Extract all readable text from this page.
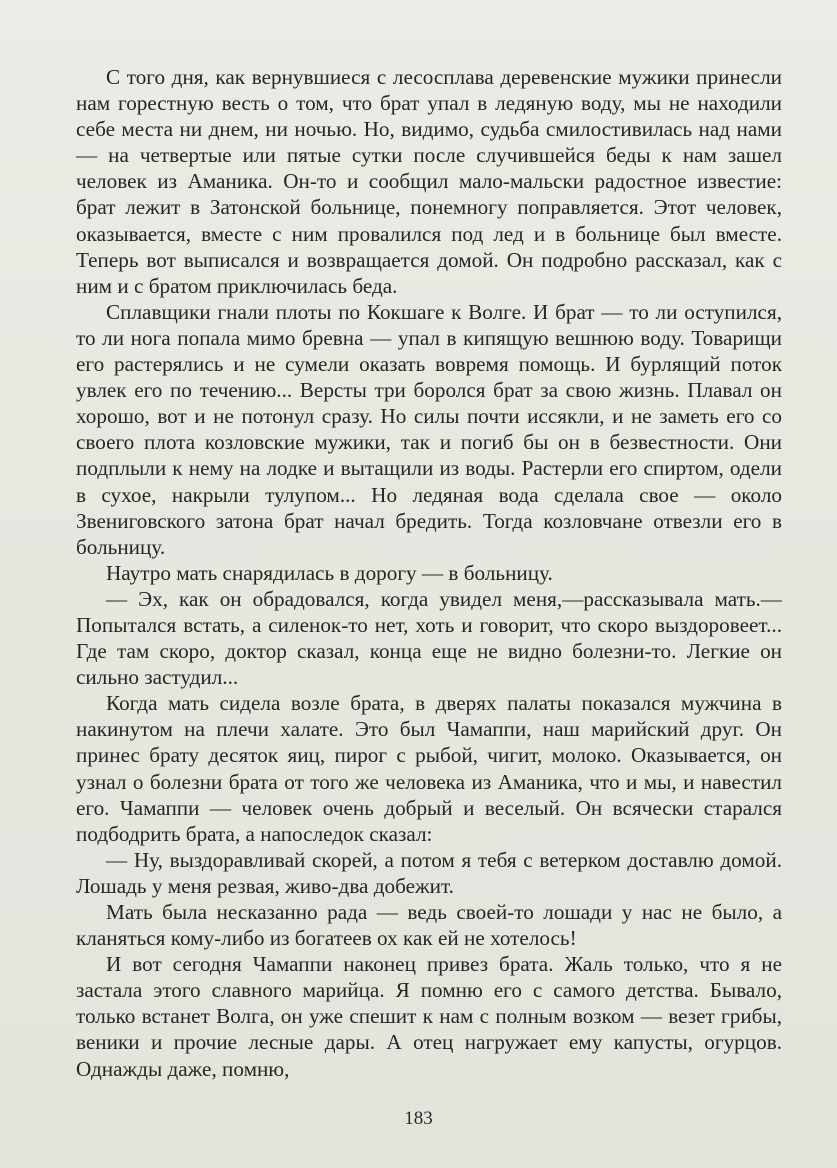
С того дня, как вернувшиеся с лесосплава деревенские мужики принесли нам горестную весть о том, что брат упал в ледяную воду, мы не находили себе места ни днем, ни ночью. Но, видимо, судьба смилостивилась над нами — на четвертые или пятые сутки после случившейся беды к нам зашел человек из Аманика. Он-то и сообщил мало-мальски радостное известие: брат лежит в Затонской больнице, понемногу поправляется. Этот человек, оказывается, вместе с ним провалился под лед и в больнице был вместе. Теперь вот выписался и возвращается домой. Он подробно рассказал, как с ним и с братом приключилась беда.

Сплавщики гнали плоты по Кокшаге к Волге. И брат — то ли оступился, то ли нога попала мимо бревна — упал в кипящую вешнюю воду. Товарищи его растерялись и не сумели оказать вовремя помощь. И бурлящий поток увлек его по течению... Версты три боролся брат за свою жизнь. Плавал он хорошо, вот и не потонул сразу. Но силы почти иссякли, и не заметь его со своего плота козловские мужики, так и погиб бы он в безвестности. Они подплыли к нему на лодке и вытащили из воды. Растерли его спиртом, одели в сухое, накрыли тулупом... Но ледяная вода сделала свое — около Звениговского затона брат начал бредить. Тогда козловчане отвезли его в больницу.

Наутро мать снарядилась в дорогу — в больницу.

— Эх, как он обрадовался, когда увидел меня,—рассказывала мать.—Попытался встать, а силенок-то нет, хоть и говорит, что скоро выздоровеет... Где там скоро, доктор сказал, конца еще не видно болезни-то. Легкие он сильно застудил...

Когда мать сидела возле брата, в дверях палаты показался мужчина в накинутом на плечи халате. Это был Чамаппи, наш марийский друг. Он принес брату десяток яиц, пирог с рыбой, чигит, молоко. Оказывается, он узнал о болезни брата от того же человека из Аманика, что и мы, и навестил его. Чамаппи — человек очень добрый и веселый. Он всячески старался подбодрить брата, а напоследок сказал:

— Ну, выздоравливай скорей, а потом я тебя с ветерком доставлю домой. Лошадь у меня резвая, живо-два добежит.

Мать была несказанно рада — ведь своей-то лошади у нас не было, а кланяться кому-либо из богатеев ох как ей не хотелось!

И вот сегодня Чамаппи наконец привез брата. Жаль только, что я не застала этого славного марийца. Я помню его с самого детства. Бывало, только встанет Волга, он уже спешит к нам с полным возком — везет грибы, веники и прочие лесные дары. А отец нагружает ему капусты, огурцов. Однажды даже, помню,

183
